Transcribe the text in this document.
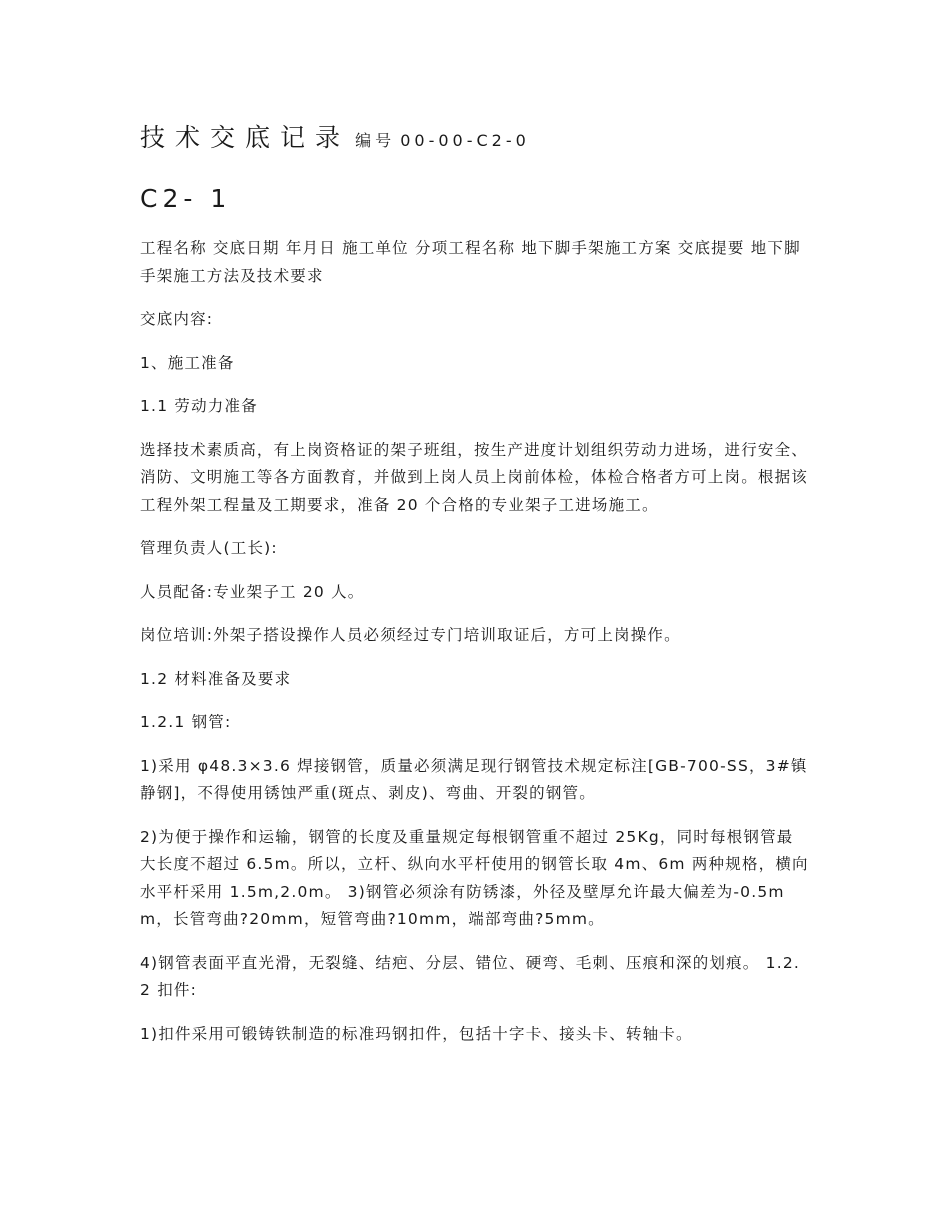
技术交底记录 编号 00-00-C2-0

C2- 1

工程名称 交底日期 年月日 施工单位 分项工程名称 地下脚手架施工方案 交底提要 地下脚手架施工方法及技术要求

交底内容:

1、施工准备

1.1 劳动力准备

选择技术素质高，有上岗资格证的架子班组，按生产进度计划组织劳动力进场，进行安全、消防、文明施工等各方面教育，并做到上岗人员上岗前体检，体检合格者方可上岗。根据该工程外架工程量及工期要求，准备 20 个合格的专业架子工进场施工。

管理负责人(工长):

人员配备:专业架子工 20 人。

岗位培训:外架子搭设操作人员必须经过专门培训取证后，方可上岗操作。

1.2 材料准备及要求

1.2.1 钢管:

1)采用 φ48.3×3.6 焊接钢管，质量必须满足现行钢管技术规定标注[GB-700-SS，3#镇静钢]，不得使用锈蚀严重(斑点、剥皮)、弯曲、开裂的钢管。

2)为便于操作和运输，钢管的长度及重量规定每根钢管重不超过 25Kg，同时每根钢管最大长度不超过 6.5m。所以，立杆、纵向水平杆使用的钢管长取 4m、6m 两种规格，横向水平杆采用 1.5m,2.0m。 3)钢管必须涂有防锈漆，外径及壁厚允许最大偏差为-0.5mm，长管弯曲?20mm，短管弯曲?10mm，端部弯曲?5mm。

4)钢管表面平直光滑，无裂缝、结疤、分层、错位、硬弯、毛刺、压痕和深的划痕。 1.2.2 扣件:

1)扣件采用可锻铸铁制造的标准玛钢扣件，包括十字卡、接头卡、转轴卡。
